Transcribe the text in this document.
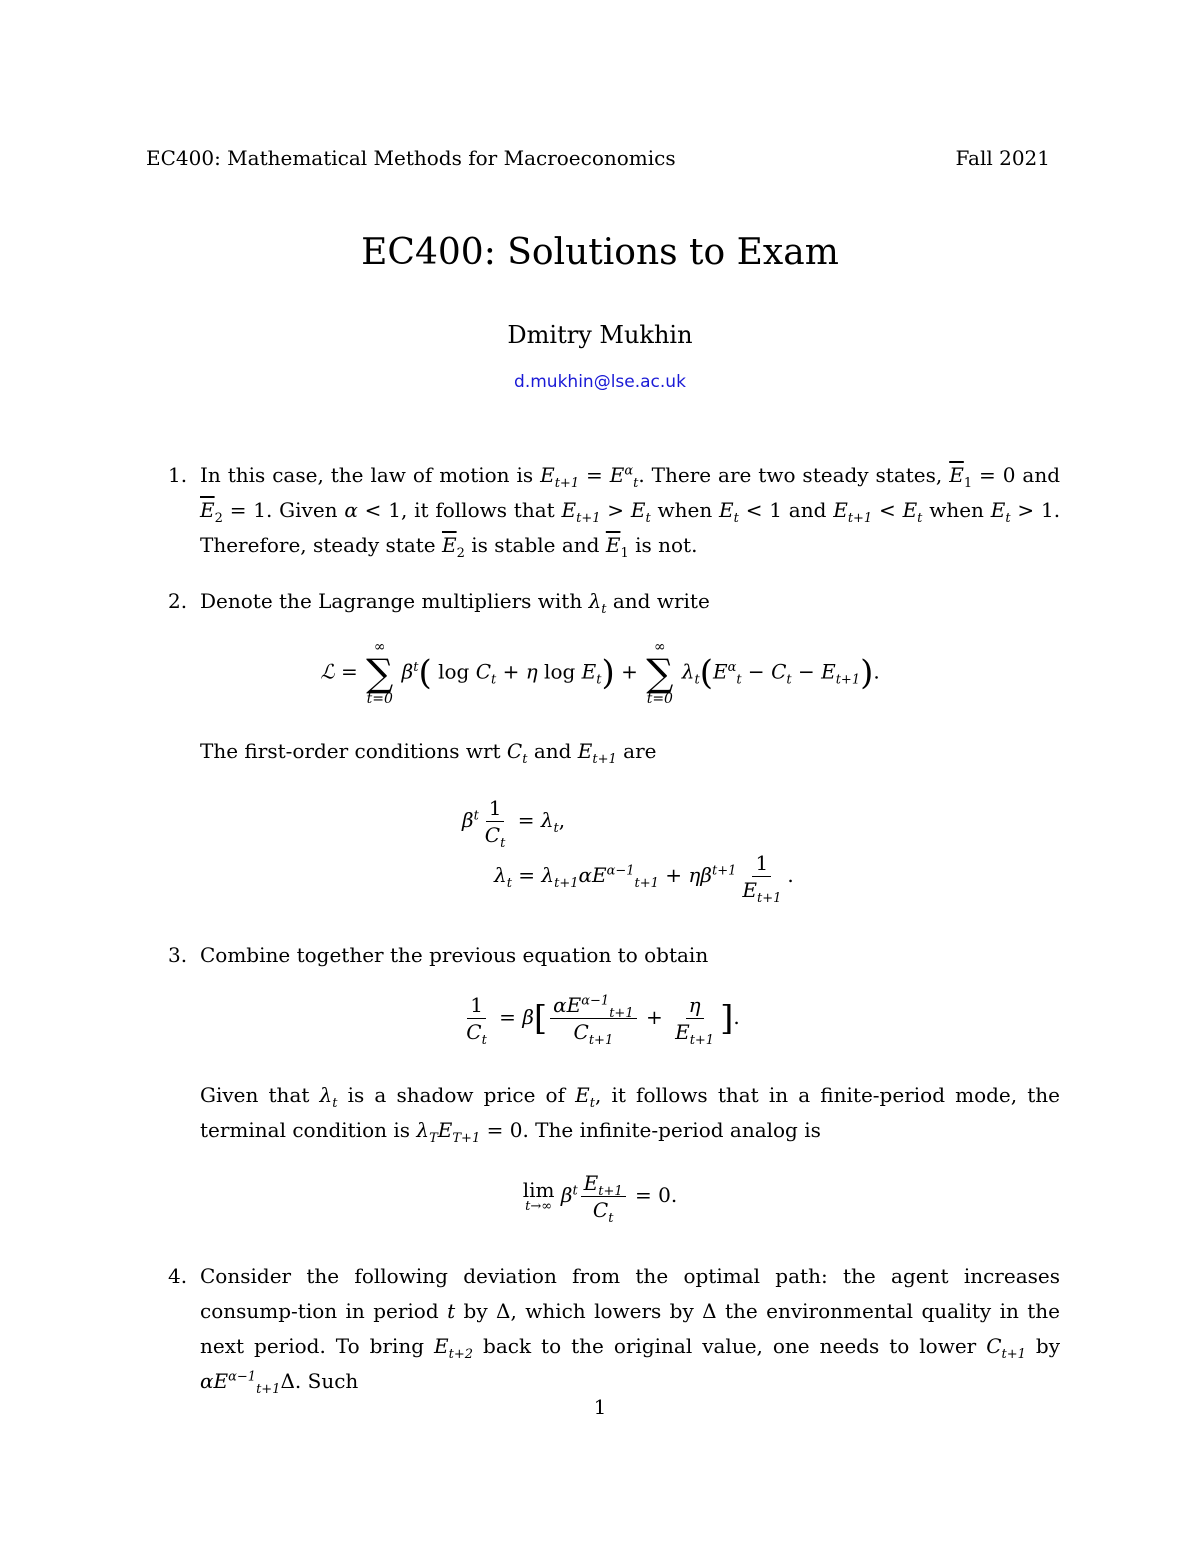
EC400: Mathematical Methods for Macroeconomics	Fall 2021
EC400: Solutions to Exam
Dmitry Mukhin
d.mukhin@lse.ac.uk
1. In this case, the law of motion is $E_{t+1} = E^\alpha_t$. There are two steady states, $\overline{E}_1 = 0$ and $\overline{E}_2 = 1$. Given α < 1, it follows that $E_{t+1} > E_t$ when $E_t < 1$ and $E_{t+1} < E_t$ when $E_t > 1$. Therefore, steady state $\overline{E}_2$ is stable and $\overline{E}_1$ is not.
2. Denote the Lagrange multipliers with $\lambda_t$ and write
ℒ =
∞
∑
t=0
$\beta^t$( $\log C_t + \eta$ $\log E_t$) +
∞
∑
t=0
$\lambda_t(E^\alpha_t - C_t - E_{t+1})$.
The first-order conditions wrt $C_t$ and $E_{t+1}$ are
$\beta^t \frac{1}{C_t} = \lambda_t$,
$\lambda_t = \lambda_{t+1}\alpha E^{\alpha-1}_{t+1} + \eta\beta^{t+1} \frac{1}{E_{t+1}}$ .
3. Combine together the previous equation to obtain
$\frac{1}{C_t} = \beta[ \frac{\alpha E^{\alpha-1}_{t+1}}{C_{t+1}} + \frac{\eta}{E_{t+1}}$ ].
Given that $\lambda_t$ is a shadow price of $E_t$, it follows that in a finite-period mode, the terminal condition is $\lambda_TE_{T+1} = 0$. The infinite-period analog is
lim
t→∞ $\beta^t \frac{E_{t+1}}{C_t} = 0$.
4. Consider the following deviation from the optimal path: the agent increases consump-tion in period t by Δ, which lowers by Δ the environmental quality in the next period. To bring $E_{t+2}$ back to the original value, one needs to lower $C_{t+1}$ by $\alpha E^{\alpha-1}_{t+1}\Delta$. Such
1
